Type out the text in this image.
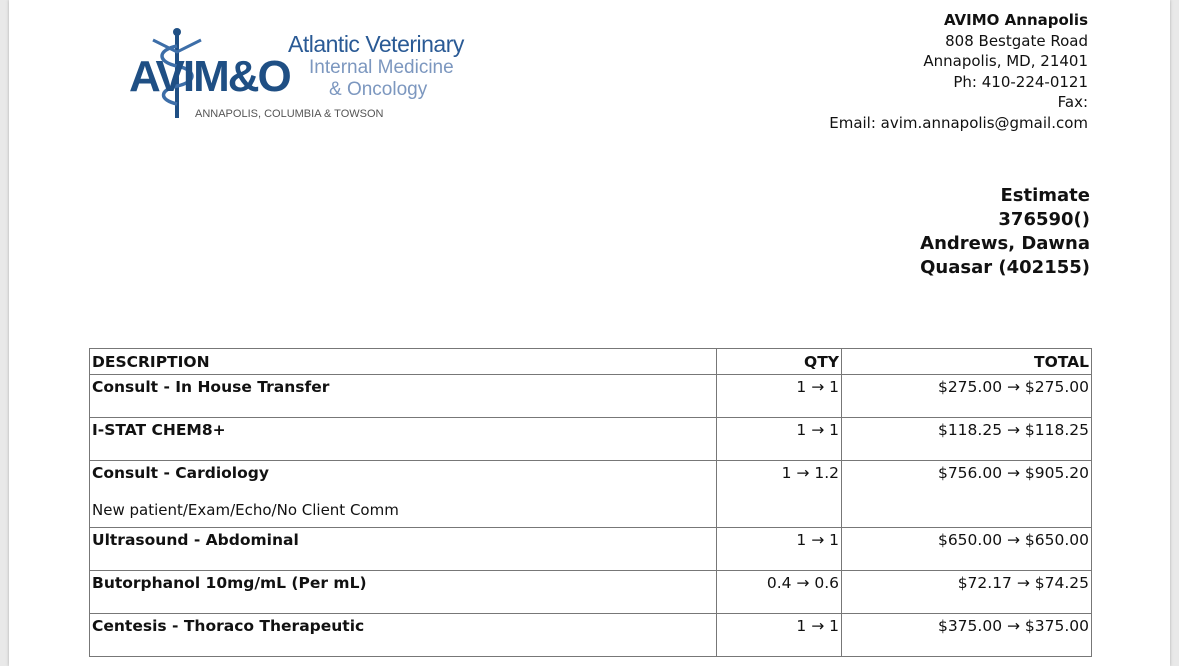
AVIM&O
Atlantic Veterinary
Internal Medicine
& Oncology
ANNAPOLIS, COLUMBIA & TOWSON
AVIMO Annapolis
808 Bestgate Road
Annapolis, MD, 21401
Ph: 410-224-0121
Fax:
Email: avim.annapolis@gmail.com
Estimate
376590()
Andrews, Dawna
Quasar (402155)
DESCRIPTION	QTY	TOTAL

Consult - In House Transfer	1 → 1	$275.00 → $275.00

I-STAT CHEM8+	1 → 1	$118.25 → $118.25

Consult - Cardiology
New patient/Exam/Echo/No Client Comm	1 → 1.2	$756.00 → $905.20

Ultrasound - Abdominal	1 → 1	$650.00 → $650.00

Butorphanol 10mg/mL (Per mL)	0.4 → 0.6	$72.17 → $74.25

Centesis - Thoraco Therapeutic	1 → 1	$375.00 → $375.00
